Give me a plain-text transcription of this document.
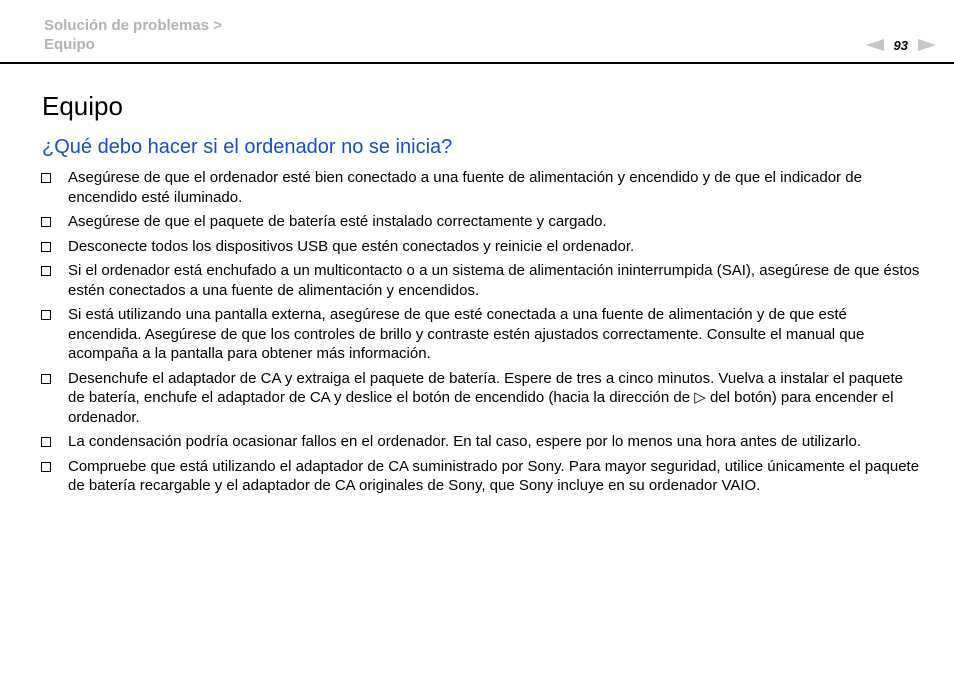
Solución de problemas >
Equipo	93
Equipo
¿Qué debo hacer si el ordenador no se inicia?
Asegúrese de que el ordenador esté bien conectado a una fuente de alimentación y encendido y de que el indicador de encendido esté iluminado.
Asegúrese de que el paquete de batería esté instalado correctamente y cargado.
Desconecte todos los dispositivos USB que estén conectados y reinicie el ordenador.
Si el ordenador está enchufado a un multicontacto o a un sistema de alimentación ininterrumpida (SAI), asegúrese de que éstos estén conectados a una fuente de alimentación y encendidos.
Si está utilizando una pantalla externa, asegúrese de que esté conectada a una fuente de alimentación y de que esté encendida. Asegúrese de que los controles de brillo y contraste estén ajustados correctamente. Consulte el manual que acompaña a la pantalla para obtener más información.
Desenchufe el adaptador de CA y extraiga el paquete de batería. Espere de tres a cinco minutos. Vuelva a instalar el paquete de batería, enchufe el adaptador de CA y deslice el botón de encendido (hacia la dirección de ▷ del botón) para encender el ordenador.
La condensación podría ocasionar fallos en el ordenador. En tal caso, espere por lo menos una hora antes de utilizarlo.
Compruebe que está utilizando el adaptador de CA suministrado por Sony. Para mayor seguridad, utilice únicamente el paquete de batería recargable y el adaptador de CA originales de Sony, que Sony incluye en su ordenador VAIO.
